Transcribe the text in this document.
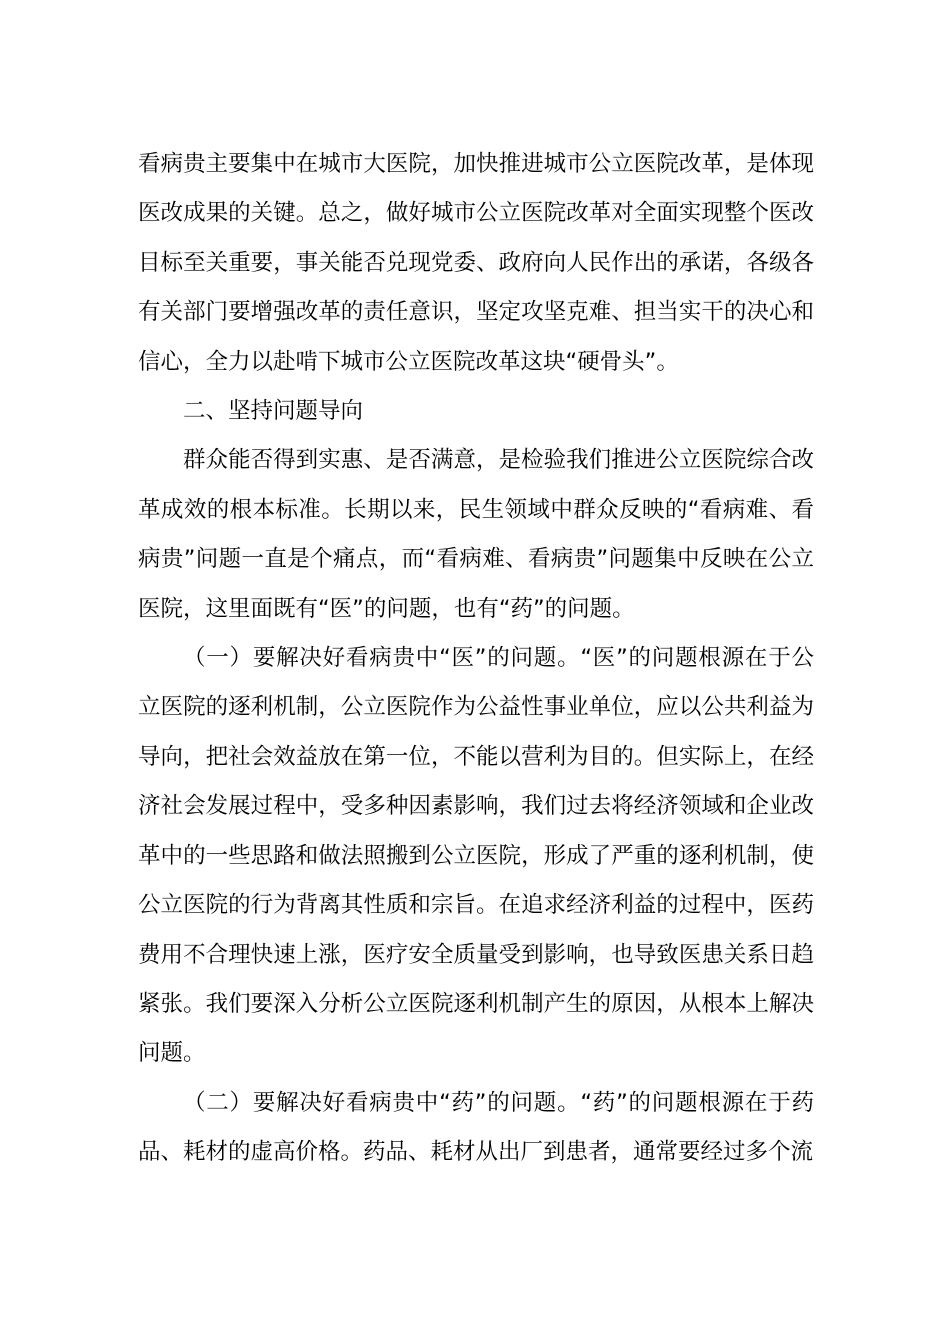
看病贵主要集中在城市大医院，加快推进城市公立医院改革，是体现医改成果的关键。总之，做好城市公立医院改革对全面实现整个医改目标至关重要，事关能否兑现党委、政府向人民作出的承诺，各级各有关部门要增强改革的责任意识，坚定攻坚克难、担当实干的决心和信心，全力以赴啃下城市公立医院改革这块“硬骨头”。

二、坚持问题导向

群众能否得到实惠、是否满意，是检验我们推进公立医院综合改革成效的根本标准。长期以来，民生领域中群众反映的“看病难、看病贵”问题一直是个痛点，而“看病难、看病贵”问题集中反映在公立医院，这里面既有“医”的问题，也有“药”的问题。

（一）要解决好看病贵中“医”的问题。“医”的问题根源在于公立医院的逐利机制，公立医院作为公益性事业单位，应以公共利益为导向，把社会效益放在第一位，不能以营利为目的。但实际上，在经济社会发展过程中，受多种因素影响，我们过去将经济领域和企业改革中的一些思路和做法照搬到公立医院，形成了严重的逐利机制，使公立医院的行为背离其性质和宗旨。在追求经济利益的过程中，医药费用不合理快速上涨，医疗安全质量受到影响，也导致医患关系日趋紧张。我们要深入分析公立医院逐利机制产生的原因，从根本上解决问题。

（二）要解决好看病贵中“药”的问题。“药”的问题根源在于药品、耗材的虚高价格。药品、耗材从出厂到患者，通常要经过多个流
